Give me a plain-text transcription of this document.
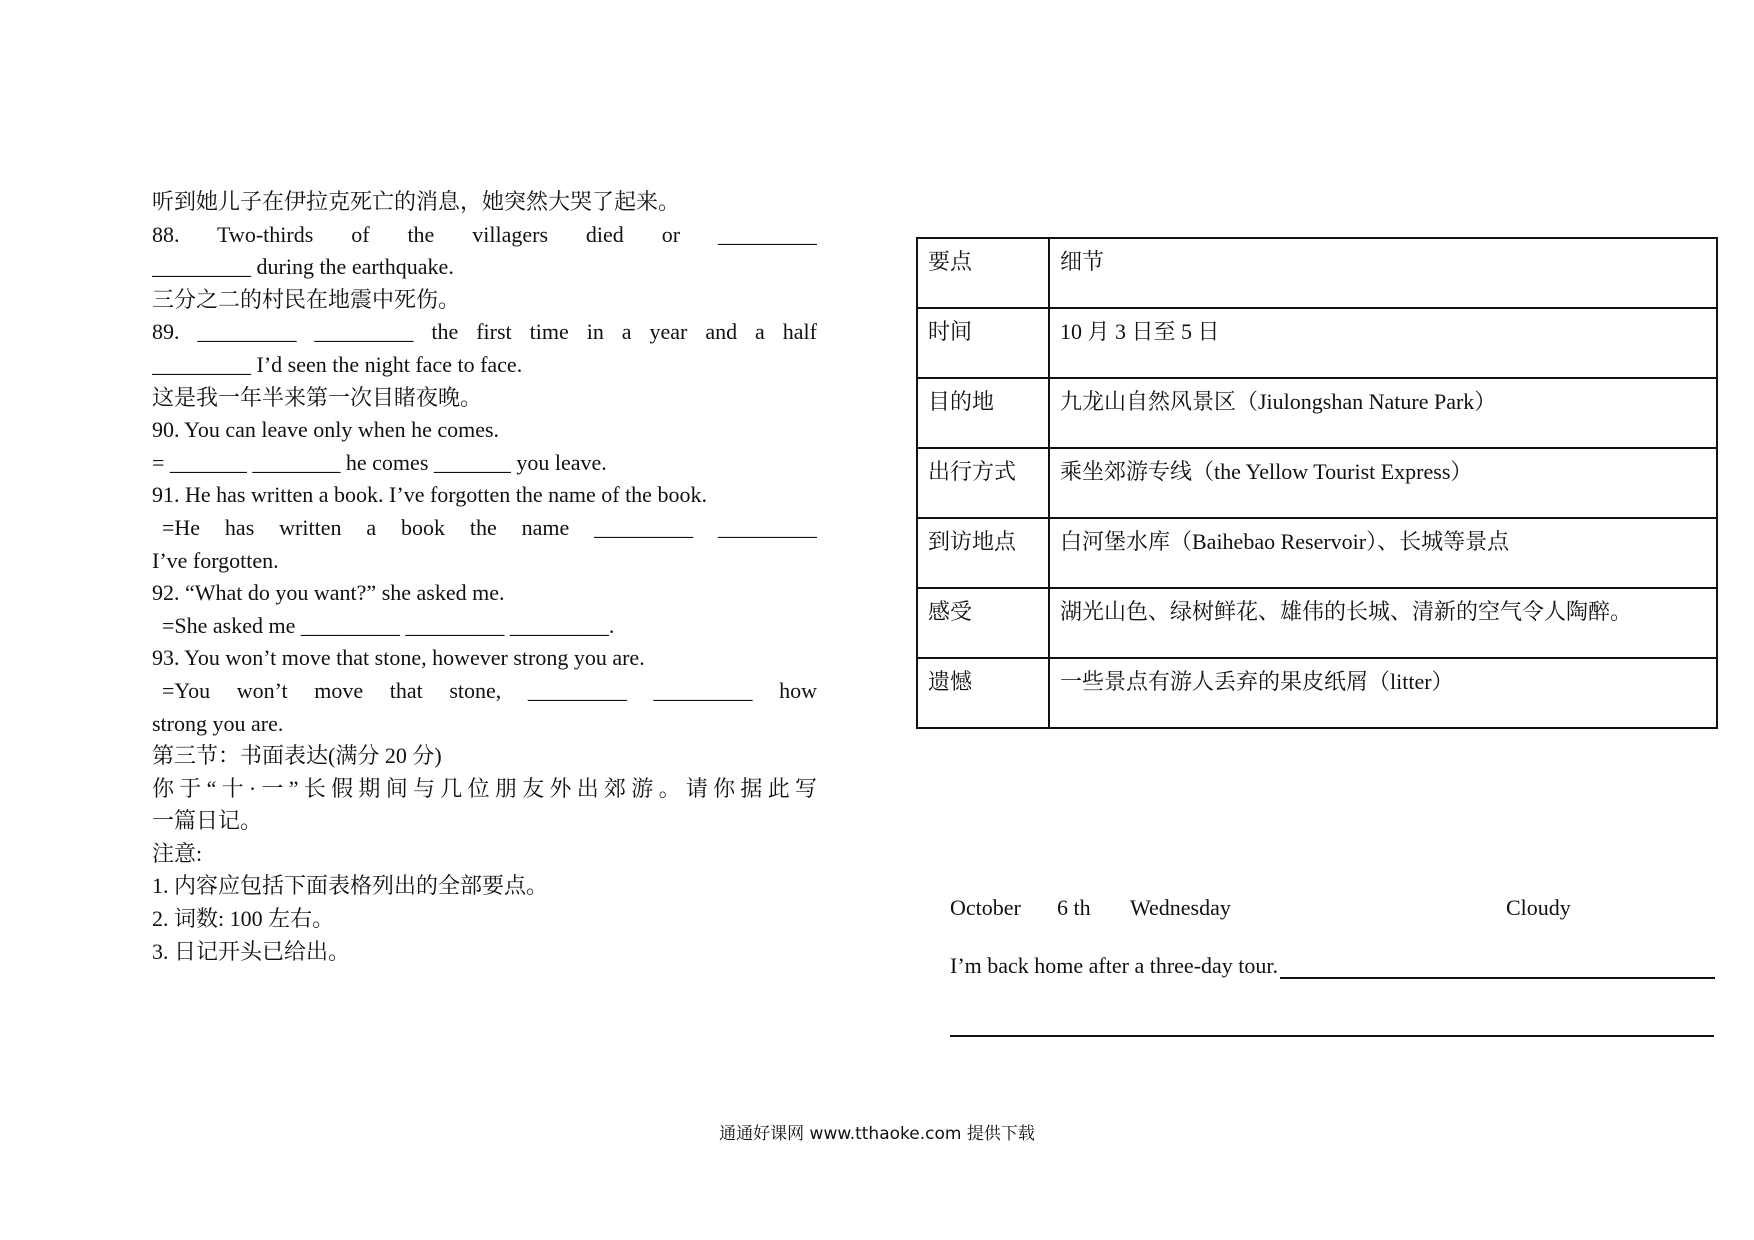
听到她儿子在伊拉克死亡的消息，她突然大哭了起来。
88. Two-thirds of the villagers died or _________
_________ during the earthquake.
三分之二的村民在地震中死伤。
89. _________ _________ the first time in a year and a half
_________ I’d seen the night face to face.
这是我一年半来第一次目睹夜晚。
90. You can leave only when he comes.
= _______ ________ he comes _______ you leave.
91. He has written a book. I’ve forgotten the name of the book.
=He has written a book the name _________ _________
I’ve forgotten.
92. “What do you want?” she asked me.
=She asked me _________ _________ _________.
93. You won’t move that stone, however strong you are.
=You won’t move that stone, _________ _________ how
strong you are.
第三节：书面表达(满分 20 分)
你于“十·一”长假期间与几位朋友外出郊游。请你据此写
一篇日记。
注意:
1. 内容应包括下面表格列出的全部要点。
2. 词数: 100 左右。
3. 日记开头已给出。
要点	细节
时间	10 月 3 日至 5 日
目的地	九龙山自然风景区（Jiulongshan Nature Park）
出行方式	乘坐郊游专线（the Yellow Tourist Express）
到访地点	白河堡水库（Baihebao Reservoir）、长城等景点
感受	湖光山色、绿树鲜花、雄伟的长城、清新的空气令人陶醉。
遗憾	一些景点有游人丢弃的果皮纸屑（litter）
October 6 th Wednesday	Cloudy
I’m back home after a three-day tour.
通通好课网 www.tthaoke.com 提供下载
